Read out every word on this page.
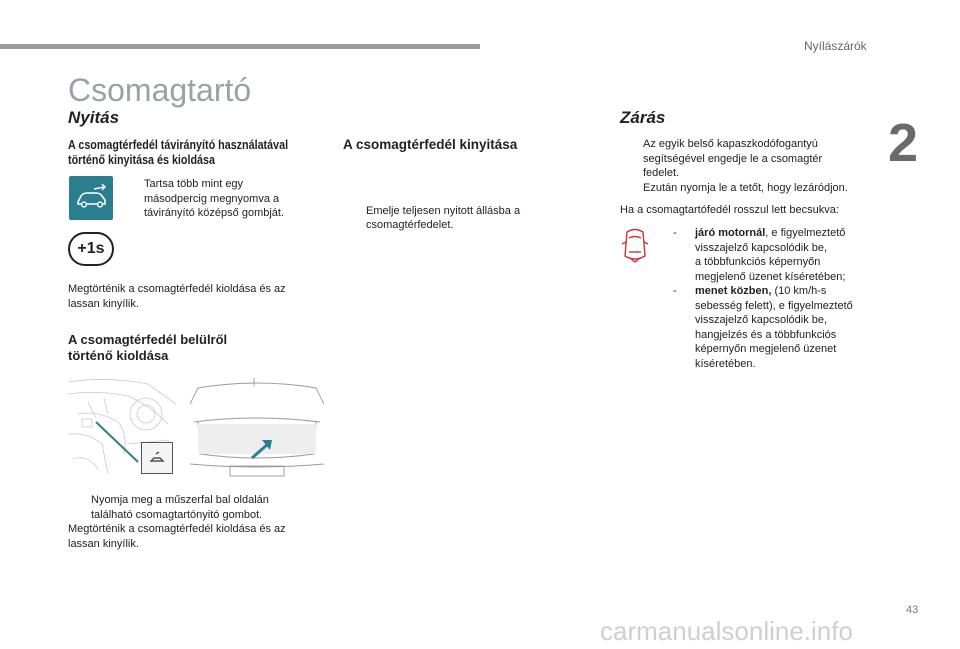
Nyílászárók
2
Csomagtartó
Nyitás
A csomagtérfedél távirányító használatával
történő kinyitása és kioldása
Tartsa több mint egy
másodpercig megnyomva a
távirányító középső gombját.
+1s
Megtörténik a csomagtérfedél kioldása és az
lassan kinyílik.
A csomagtérfedél belülről
történő kioldása
Nyomja meg a műszerfal bal oldalán
található csomagtartónyitó gombot.
Megtörténik a csomagtérfedél kioldása és az
lassan kinyílik.
A csomagtérfedél kinyitása
Emelje teljesen nyitott állásba a
csomagtérfedelet.
Zárás
Az egyik belső kapaszkodófogantyú
segítségével engedje le a csomagtér
fedelet.
Ezután nyomja le a tetőt, hogy lezáródjon.
Ha a csomagtartófedél rosszul lett becsukva:
- járó motornál, e figyelmeztető
visszajelző kapcsolódik be,
a többfunkciós képernyőn
megjelenő üzenet kíséretében;
- menet közben, (10 km/h-s
sebesség felett), e figyelmeztető
visszajelző kapcsolódik be,
hangjelzés és a többfunkciós
képernyőn megjelenő üzenet
kíséretében.
43
carmanualsonline.info
